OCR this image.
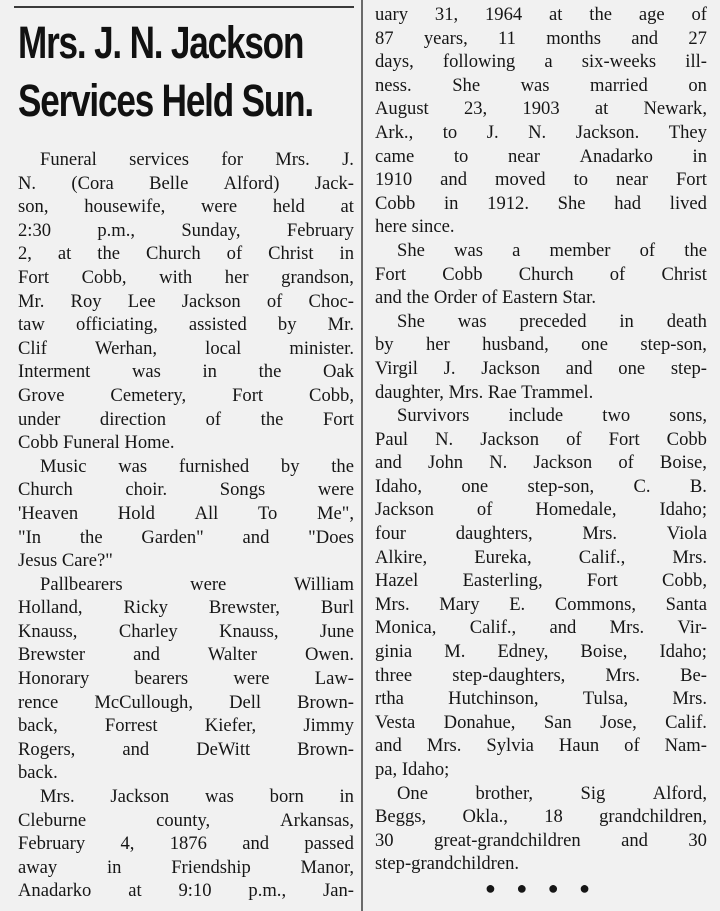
Mrs. J. N. Jackson
Services Held Sun.
Funeral services for Mrs. J.
N. (Cora Belle Alford) Jack-
son, housewife, were held at
2:30 p.m., Sunday, February
2, at the Church of Christ in
Fort Cobb, with her grandson,
Mr. Roy Lee Jackson of Choc-
taw officiating, assisted by Mr.
Clif	Werhan,	local	minister.
Interment was in the Oak
Grove Cemetery, Fort Cobb,
under direction of the Fort
Cobb Funeral Home.
Music was furnished by the
Church	choir.	Songs	were
'Heaven Hold All To Me",
"In the Garden" and "Does
Jesus Care?"
Pallbearers	were	William
Holland, Ricky Brewster, Burl
Knauss, Charley Knauss, June
Brewster	and	Walter	Owen.
Honorary bearers were Law-
rence McCullough, Dell Brown-
back,	Forrest	Kiefer,	Jimmy
Rogers,	and	DeWitt	Brown-
back.
Mrs. Jackson was born in
Cleburne	county,	Arkansas,
February 4, 1876 and passed
away	in	Friendship	Manor,
Anadarko at 9:10 p.m., Jan-
uary 31, 1964 at the age of
87 years, 11 months and 27
days, following a six-weeks ill-
ness. She was married on
August 23, 1903 at Newark,
Ark., to J. N. Jackson. They
came to near Anadarko in
1910 and moved to near Fort
Cobb in 1912. She had lived
here since.
She was a member of the
Fort Cobb Church of Christ
and the Order of Eastern Star.
She was preceded in death
by her husband, one step-son,
Virgil J. Jackson and one step-
daughter, Mrs. Rae Trammel.
Survivors include two sons,
Paul N. Jackson of Fort Cobb
and John N. Jackson of Boise,
Idaho, one step-son, C. B.
Jackson of Homedale, Idaho;
four	daughters,	Mrs.	Viola
Alkire,	Eureka,	Calif.,	Mrs.
Hazel Easterling, Fort Cobb,
Mrs. Mary E. Commons, Santa
Monica, Calif., and Mrs. Vir-
ginia M. Edney, Boise, Idaho;
three step-daughters, Mrs. Be-
rtha Hutchinson, Tulsa, Mrs.
Vesta Donahue, San Jose, Calif.
and Mrs. Sylvia Haun of Nam-
pa, Idaho;
One	brother,	Sig	Alford,
Beggs, Okla., 18 grandchildren,
30 great-grandchildren and 30
step-grandchildren.
● ● ● ●
